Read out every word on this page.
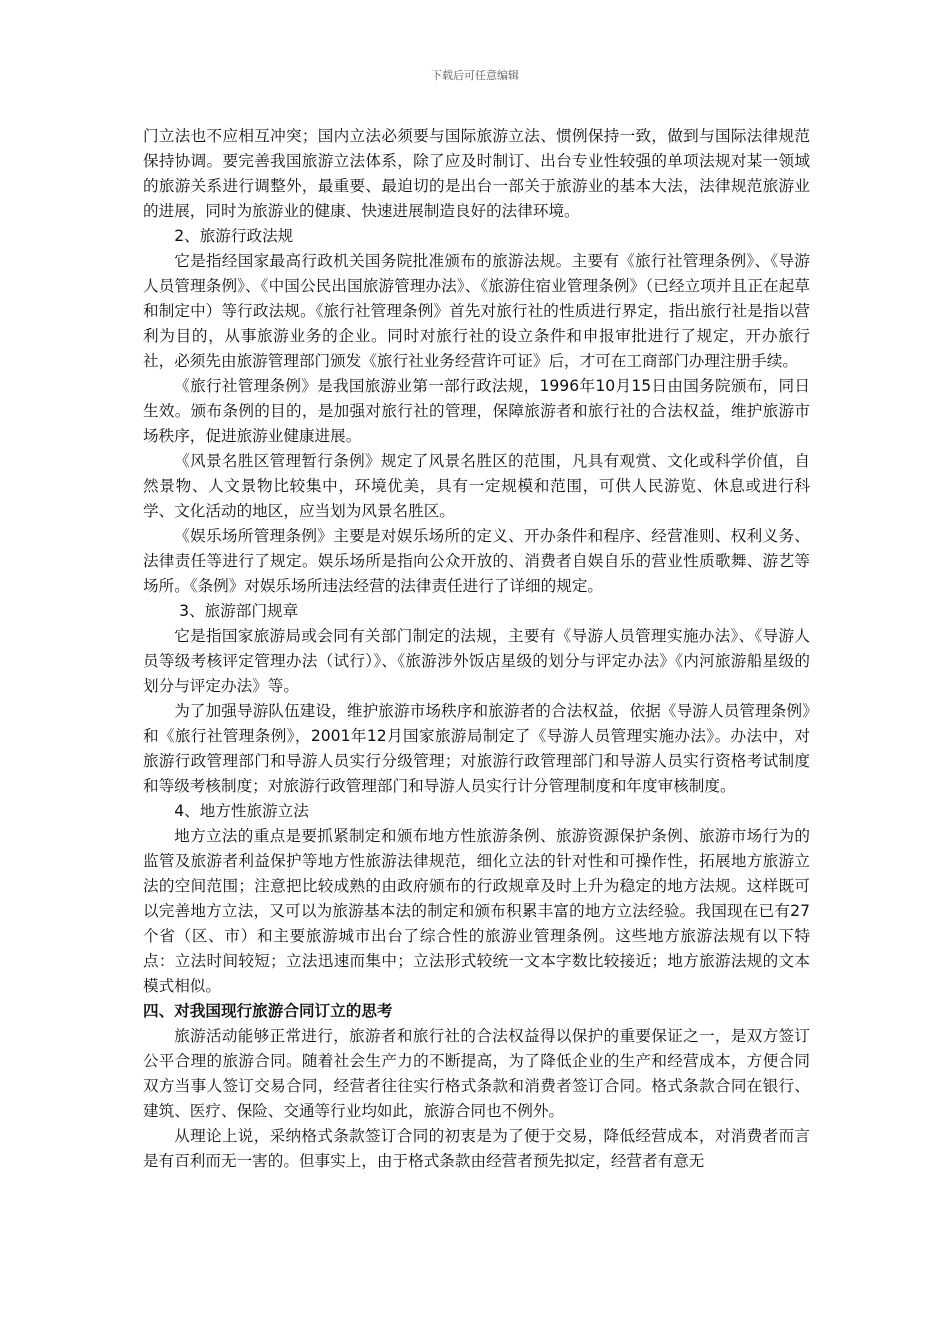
下载后可任意编辑

门立法也不应相互冲突；国内立法必须要与国际旅游立法、惯例保持一致，做到与国际法律规范保持协调。要完善我国旅游立法体系，除了应及时制订、出台专业性较强的单项法规对某一领域的旅游关系进行调整外，最重要、最迫切的是出台一部关于旅游业的基本大法，法律规范旅游业的进展，同时为旅游业的健康、快速进展制造良好的法律环境。

2、旅游行政法规

它是指经国家最高行政机关国务院批准颁布的旅游法规。主要有《旅行社管理条例》、《导游人员管理条例》、《中国公民出国旅游管理办法》、《旅游住宿业管理条例》（已经立项并且正在起草和制定中）等行政法规。《旅行社管理条例》首先对旅行社的性质进行界定，指出旅行社是指以营利为目的，从事旅游业务的企业。同时对旅行社的设立条件和申报审批进行了规定，开办旅行社，必须先由旅游管理部门颁发《旅行社业务经营许可证》后，才可在工商部门办理注册手续。

《旅行社管理条例》是我国旅游业第一部行政法规，1996年10月15日由国务院颁布，同日生效。颁布条例的目的，是加强对旅行社的管理，保障旅游者和旅行社的合法权益，维护旅游市场秩序，促进旅游业健康进展。

《风景名胜区管理暂行条例》规定了风景名胜区的范围，凡具有观赏、文化或科学价值，自然景物、人文景物比较集中，环境优美，具有一定规模和范围，可供人民游览、休息或进行科学、文化活动的地区，应当划为风景名胜区。

《娱乐场所管理条例》主要是对娱乐场所的定义、开办条件和程序、经营准则、权利义务、法律责任等进行了规定。娱乐场所是指向公众开放的、消费者自娱自乐的营业性质歌舞、游艺等场所。《条例》对娱乐场所违法经营的法律责任进行了详细的规定。

3、旅游部门规章

它是指国家旅游局或会同有关部门制定的法规，主要有《导游人员管理实施办法》、《导游人员等级考核评定管理办法（试行）》、《旅游涉外饭店星级的划分与评定办法》《内河旅游船星级的划分与评定办法》等。

为了加强导游队伍建设，维护旅游市场秩序和旅游者的合法权益，依据《导游人员管理条例》和《旅行社管理条例》，2001年12月国家旅游局制定了《导游人员管理实施办法》。办法中，对旅游行政管理部门和导游人员实行分级管理；对旅游行政管理部门和导游人员实行资格考试制度和等级考核制度；对旅游行政管理部门和导游人员实行计分管理制度和年度审核制度。

4、地方性旅游立法

地方立法的重点是要抓紧制定和颁布地方性旅游条例、旅游资源保护条例、旅游市场行为的监管及旅游者利益保护等地方性旅游法律规范，细化立法的针对性和可操作性，拓展地方旅游立法的空间范围；注意把比较成熟的由政府颁布的行政规章及时上升为稳定的地方法规。这样既可以完善地方立法，又可以为旅游基本法的制定和颁布积累丰富的地方立法经验。我国现在已有27个省（区、市）和主要旅游城市出台了综合性的旅游业管理条例。这些地方旅游法规有以下特点：立法时间较短；立法迅速而集中；立法形式较统一文本字数比较接近；地方旅游法规的文本模式相似。

四、对我国现行旅游合同订立的思考

旅游活动能够正常进行，旅游者和旅行社的合法权益得以保护的重要保证之一，是双方签订公平合理的旅游合同。随着社会生产力的不断提高，为了降低企业的生产和经营成本，方便合同双方当事人签订交易合同，经营者往往实行格式条款和消费者签订合同。格式条款合同在银行、建筑、医疗、保险、交通等行业均如此，旅游合同也不例外。

从理论上说，采纳格式条款签订合同的初衷是为了便于交易，降低经营成本，对消费者而言是有百利而无一害的。但事实上，由于格式条款由经营者预先拟定，经营者有意无
